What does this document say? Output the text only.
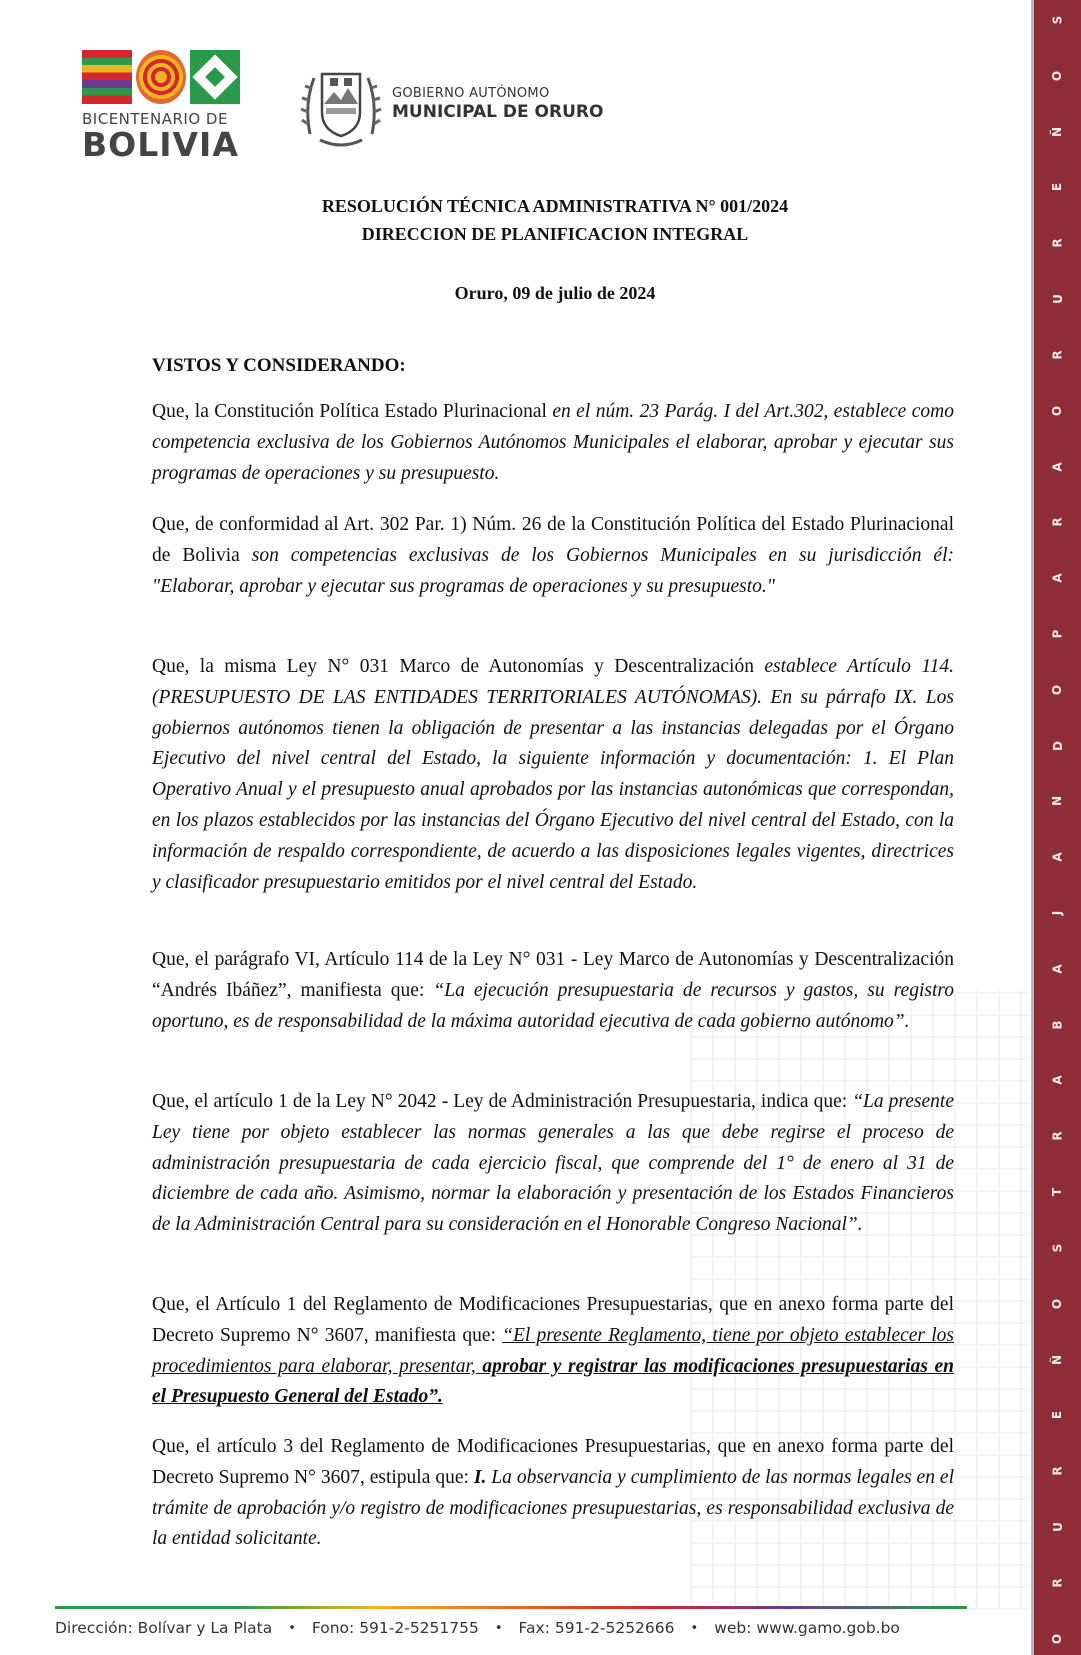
BICENTENARIO DE
BOLIVIA
GOBIERNO AUTÓNOMO
MUNICIPAL DE ORURO
RESOLUCIÓN TÉCNICA ADMINISTRATIVA N° 001/2024
DIRECCION DE PLANIFICACION INTEGRAL
Oruro, 09 de julio de 2024
VISTOS Y CONSIDERANDO:

Que, la Constitución Política Estado Plurinacional en el núm. 23 Parág. I del Art.302, establece como competencia exclusiva de los Gobiernos Autónomos Municipales el elaborar, aprobar y ejecutar sus programas de operaciones y su presupuesto.

Que, de conformidad al Art. 302 Par. 1) Núm. 26 de la Constitución Política del Estado Plurinacional de Bolivia son competencias exclusivas de los Gobiernos Municipales en su jurisdicción él: "Elaborar, aprobar y ejecutar sus programas de operaciones y su presupuesto."

Que, la misma Ley N° 031 Marco de Autonomías y Descentralización establece Artículo 114. (PRESUPUESTO DE LAS ENTIDADES TERRITORIALES AUTÓNOMAS). En su párrafo IX. Los gobiernos autónomos tienen la obligación de presentar a las instancias delegadas por el Órgano Ejecutivo del nivel central del Estado, la siguiente información y documentación: 1. El Plan Operativo Anual y el presupuesto anual aprobados por las instancias autonómicas que correspondan, en los plazos establecidos por las instancias del Órgano Ejecutivo del nivel central del Estado, con la información de respaldo correspondiente, de acuerdo a las disposiciones legales vigentes, directrices y clasificador presupuestario emitidos por el nivel central del Estado.

Que, el parágrafo VI, Artículo 114 de la Ley N° 031 - Ley Marco de Autonomías y Descentralización “Andrés Ibáñez”, manifiesta que: “La ejecución presupuestaria de recursos y gastos, su registro oportuno, es de responsabilidad de la máxima autoridad ejecutiva de cada gobierno autónomo”.

Que, el artículo 1 de la Ley N° 2042 - Ley de Administración Presupuestaria, indica que: “La presente Ley tiene por objeto establecer las normas generales a las que debe regirse el proceso de administración presupuestaria de cada ejercicio fiscal, que comprende del 1° de enero al 31 de diciembre de cada año. Asimismo, normar la elaboración y presentación de los Estados Financieros de la Administración Central para su consideración en el Honorable Congreso Nacional”.

Que, el Artículo 1 del Reglamento de Modificaciones Presupuestarias, que en anexo forma parte del Decreto Supremo N° 3607, manifiesta que: “El presente Reglamento, tiene por objeto establecer los procedimientos para elaborar, presentar, aprobar y registrar las modificaciones presupuestarias en el Presupuesto General del Estado”.

Que, el artículo 3 del Reglamento de Modificaciones Presupuestarias, que en anexo forma parte del Decreto Supremo N° 3607, estipula que: I. La observancia y cumplimiento de las normas legales en el trámite de aprobación y/o registro de modificaciones presupuestarias, es responsabilidad exclusiva de la entidad solicitante.

Dirección: Bolívar y La Plata • Fono: 591-2-5251755 • Fax: 591-2-5252666 • web: www.gamo.gob.bo
S
O
Ñ
E
R
U
R
O
A
R
A
P
O
D
N
A
J
A
B
A
R
T
S
O
Ñ
E
R
U
R
O
